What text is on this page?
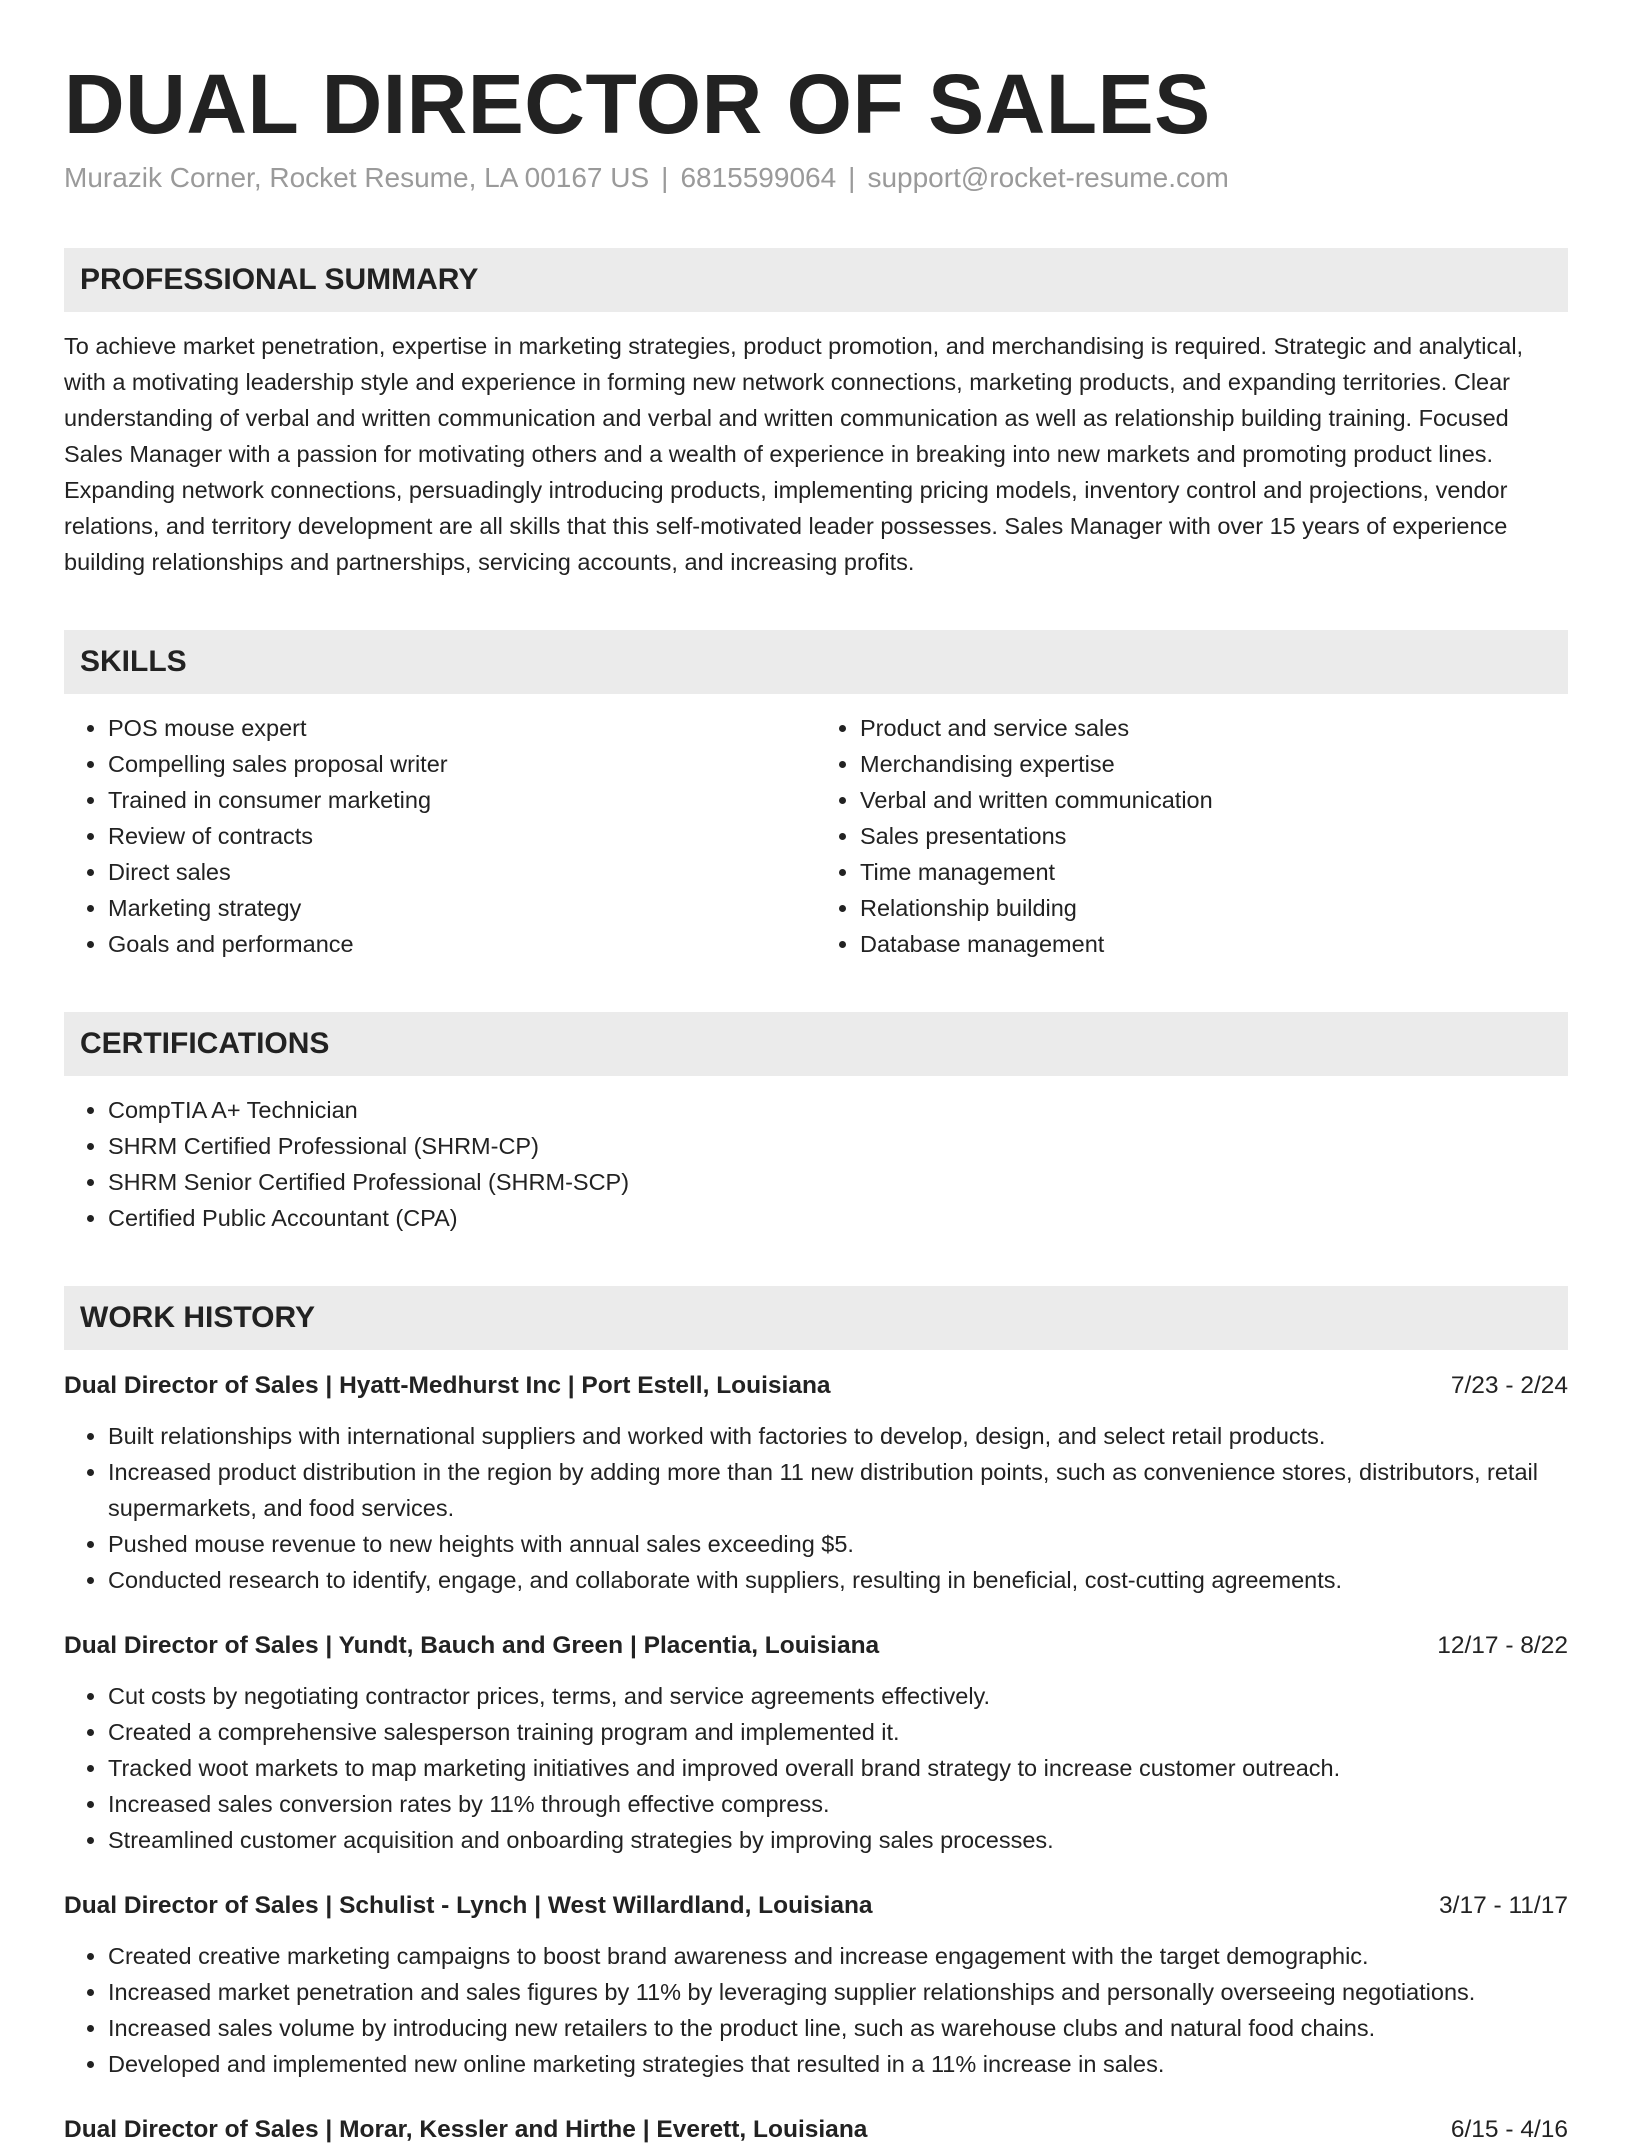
DUAL DIRECTOR OF SALES
Murazik Corner, Rocket Resume, LA 00167 US | 6815599064 | support@rocket-resume.com
PROFESSIONAL SUMMARY
To achieve market penetration, expertise in marketing strategies, product promotion, and merchandising is required. Strategic and analytical, with a motivating leadership style and experience in forming new network connections, marketing products, and expanding territories. Clear understanding of verbal and written communication and verbal and written communication as well as relationship building training. Focused Sales Manager with a passion for motivating others and a wealth of experience in breaking into new markets and promoting product lines. Expanding network connections, persuadingly introducing products, implementing pricing models, inventory control and projections, vendor relations, and territory development are all skills that this self-motivated leader possesses. Sales Manager with over 15 years of experience building relationships and partnerships, servicing accounts, and increasing profits.
SKILLS
• POS mouse expert
• Compelling sales proposal writer
• Trained in consumer marketing
• Review of contracts
• Direct sales
• Marketing strategy
• Goals and performance
• Product and service sales
• Merchandising expertise
• Verbal and written communication
• Sales presentations
• Time management
• Relationship building
• Database management
CERTIFICATIONS
• CompTIA A+ Technician
• SHRM Certified Professional (SHRM-CP)
• SHRM Senior Certified Professional (SHRM-SCP)
• Certified Public Accountant (CPA)
WORK HISTORY
Dual Director of Sales | Hyatt-Medhurst Inc | Port Estell, Louisiana	7/23 - 2/24
• Built relationships with international suppliers and worked with factories to develop, design, and select retail products.
• Increased product distribution in the region by adding more than 11 new distribution points, such as convenience stores, distributors, retail supermarkets, and food services.
• Pushed mouse revenue to new heights with annual sales exceeding $5.
• Conducted research to identify, engage, and collaborate with suppliers, resulting in beneficial, cost-cutting agreements.
Dual Director of Sales | Yundt, Bauch and Green | Placentia, Louisiana	12/17 - 8/22
• Cut costs by negotiating contractor prices, terms, and service agreements effectively.
• Created a comprehensive salesperson training program and implemented it.
• Tracked woot markets to map marketing initiatives and improved overall brand strategy to increase customer outreach.
• Increased sales conversion rates by 11% through effective compress.
• Streamlined customer acquisition and onboarding strategies by improving sales processes.
Dual Director of Sales | Schulist - Lynch | West Willardland, Louisiana	3/17 - 11/17
• Created creative marketing campaigns to boost brand awareness and increase engagement with the target demographic.
• Increased market penetration and sales figures by 11% by leveraging supplier relationships and personally overseeing negotiations.
• Increased sales volume by introducing new retailers to the product line, such as warehouse clubs and natural food chains.
• Developed and implemented new online marketing strategies that resulted in a 11% increase in sales.
Dual Director of Sales | Morar, Kessler and Hirthe | Everett, Louisiana	6/15 - 4/16
